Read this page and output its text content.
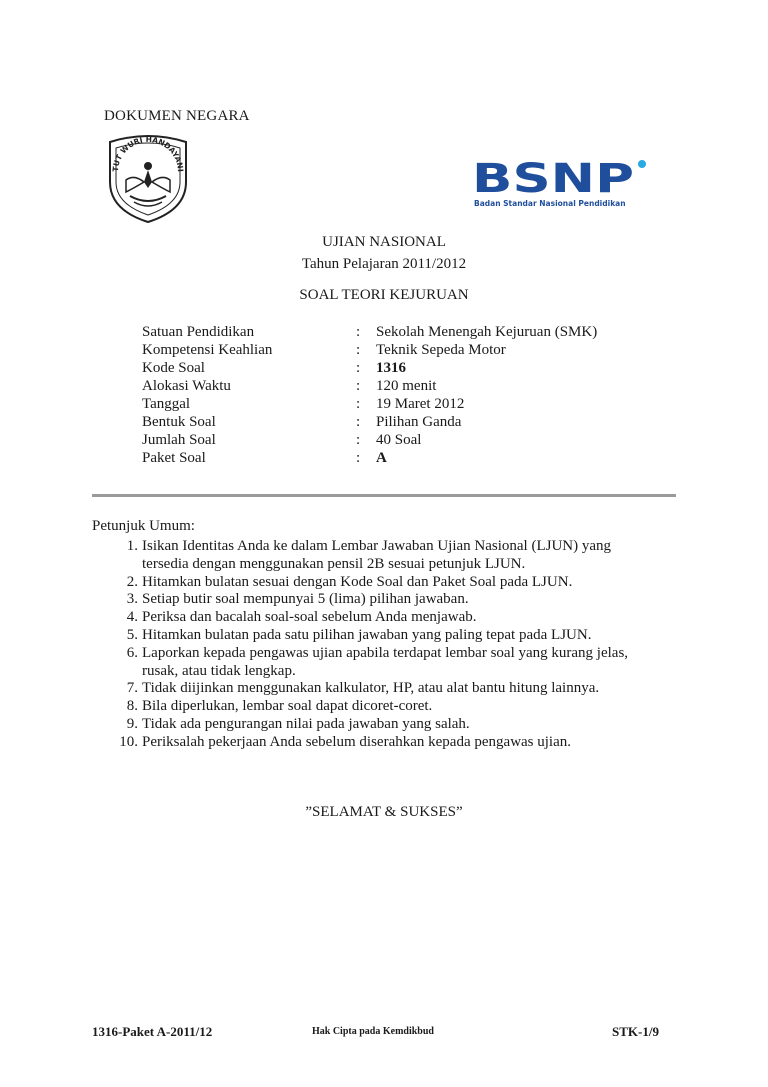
DOKUMEN NEGARA
TUT WURI HANDAYANI	BSNP
Badan Standar Nasional Pendidikan
UJIAN NASIONAL
Tahun Pelajaran 2011/2012
SOAL TEORI KEJURUAN
Satuan Pendidikan	: Sekolah Menengah Kejuruan (SMK)
Kompetensi Keahlian	: Teknik Sepeda Motor
Kode Soal	: 1316
Alokasi Waktu	: 120 menit
Tanggal	: 19 Maret 2012
Bentuk Soal	: Pilihan Ganda
Jumlah Soal	: 40 Soal
Paket Soal	: A
Petunjuk Umum:
1. Isikan Identitas Anda ke dalam Lembar Jawaban Ujian Nasional (LJUN) yang
tersedia dengan menggunakan pensil 2B sesuai petunjuk LJUN.
2. Hitamkan bulatan sesuai dengan Kode Soal dan Paket Soal pada LJUN.
3. Setiap butir soal mempunyai 5 (lima) pilihan jawaban.
4. Periksa dan bacalah soal-soal sebelum Anda menjawab.
5. Hitamkan bulatan pada satu pilihan jawaban yang paling tepat pada LJUN.
6. Laporkan kepada pengawas ujian apabila terdapat lembar soal yang kurang jelas,
rusak, atau tidak lengkap.
7. Tidak diijinkan menggunakan kalkulator, HP, atau alat bantu hitung lainnya.
8. Bila diperlukan, lembar soal dapat dicoret-coret.
9. Tidak ada pengurangan nilai pada jawaban yang salah.
10. Periksalah pekerjaan Anda sebelum diserahkan kepada pengawas ujian.
”SELAMAT & SUKSES”
1316-Paket A-2011/12	Hak Cipta pada Kemdikbud	STK-1/9
